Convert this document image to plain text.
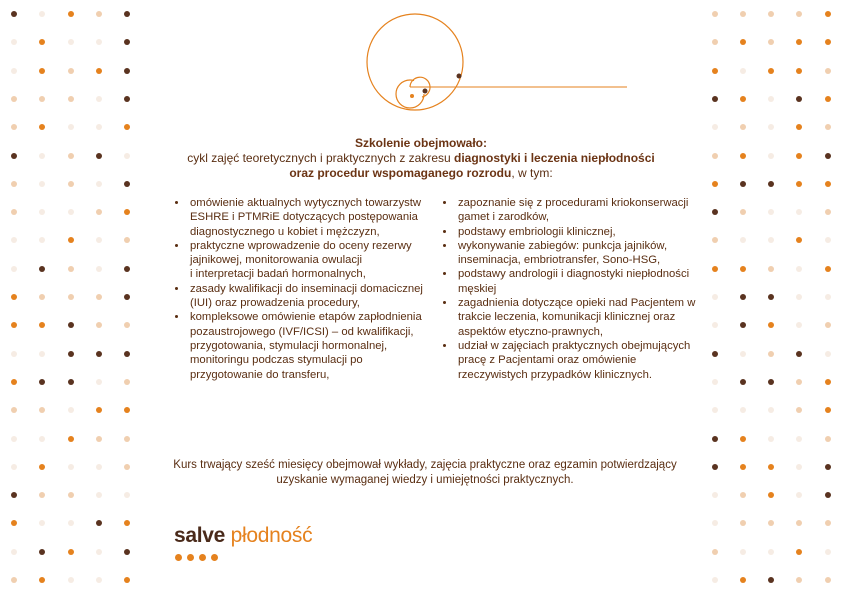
Szkolenie obejmowało:
cykl zajęć teoretycznych i praktycznych z zakresu diagnostyki i leczenia niepłodności
oraz procedur wspomaganego rozrodu, w tym:
• omówienie aktualnych wytycznych towarzystw ESHRE i PTMRiE dotyczących postępowania diagnostycznego u kobiet i mężczyzn,
• praktyczne wprowadzenie do oceny rezerwy jajnikowej, monitorowania owulacji
i interpretacji badań hormonalnych,
• zasady kwalifikacji do inseminacji domacicznej (IUI) oraz prowadzenia procedury,
• kompleksowe omówienie etapów zapłodnienia pozaustrojowego (IVF/ICSI) – od kwalifikacji, przygotowania, stymulacji hormonalnej, monitoringu podczas stymulacji po przygotowanie do transferu,
• zapoznanie się z procedurami kriokonserwacji gamet i zarodków,
• podstawy embriologii klinicznej,
• wykonywanie zabiegów: punkcja jajników, inseminacja, embriotransfer, Sono-HSG,
• podstawy andrologii i diagnostyki niepłodności męskiej
• zagadnienia dotyczące opieki nad Pacjentem w trakcie leczenia, komunikacji klinicznej oraz aspektów etyczno-prawnych,
• udział w zajęciach praktycznych obejmujących pracę z Pacjentami oraz omówienie rzeczywistych przypadków klinicznych.
Kurs trwający sześć miesięcy obejmował wykłady, zajęcia praktyczne oraz egzamin potwierdzający uzyskanie wymaganej wiedzy i umiejętności praktycznych.
salve płodność
